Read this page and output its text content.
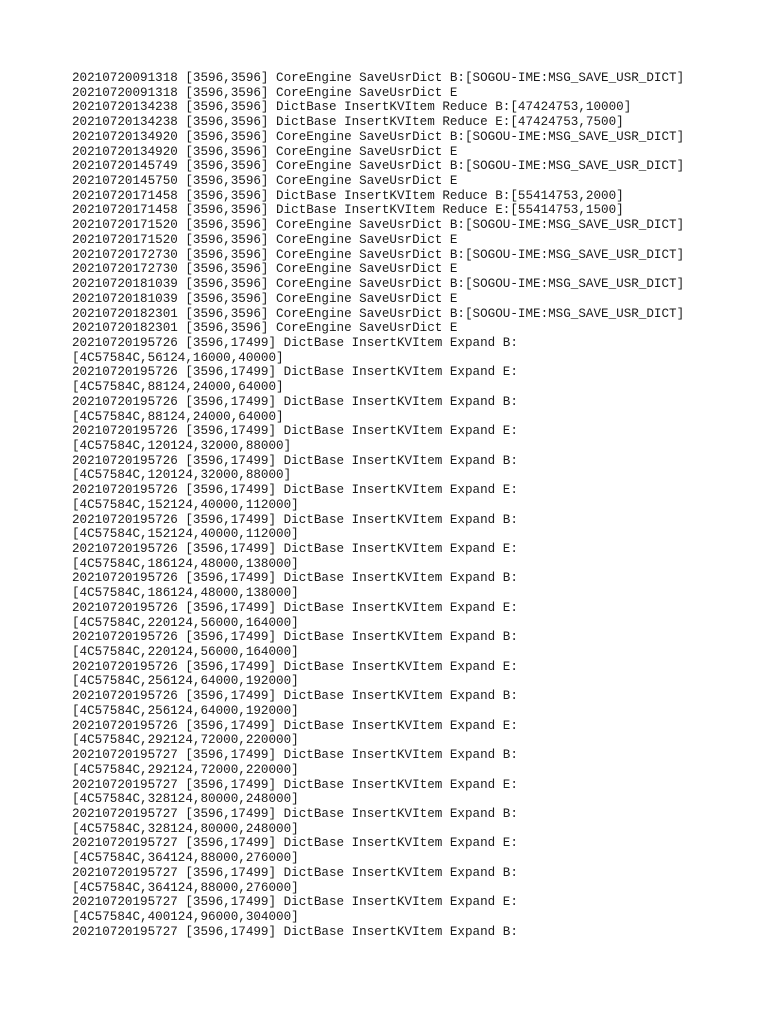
20210720091318 [3596,3596] CoreEngine SaveUsrDict B:[SOGOU-IME:MSG_SAVE_USR_DICT]
20210720091318 [3596,3596] CoreEngine SaveUsrDict E
20210720134238 [3596,3596] DictBase InsertKVItem Reduce B:[47424753,10000]
20210720134238 [3596,3596] DictBase InsertKVItem Reduce E:[47424753,7500]
20210720134920 [3596,3596] CoreEngine SaveUsrDict B:[SOGOU-IME:MSG_SAVE_USR_DICT]
20210720134920 [3596,3596] CoreEngine SaveUsrDict E
20210720145749 [3596,3596] CoreEngine SaveUsrDict B:[SOGOU-IME:MSG_SAVE_USR_DICT]
20210720145750 [3596,3596] CoreEngine SaveUsrDict E
20210720171458 [3596,3596] DictBase InsertKVItem Reduce B:[55414753,2000]
20210720171458 [3596,3596] DictBase InsertKVItem Reduce E:[55414753,1500]
20210720171520 [3596,3596] CoreEngine SaveUsrDict B:[SOGOU-IME:MSG_SAVE_USR_DICT]
20210720171520 [3596,3596] CoreEngine SaveUsrDict E
20210720172730 [3596,3596] CoreEngine SaveUsrDict B:[SOGOU-IME:MSG_SAVE_USR_DICT]
20210720172730 [3596,3596] CoreEngine SaveUsrDict E
20210720181039 [3596,3596] CoreEngine SaveUsrDict B:[SOGOU-IME:MSG_SAVE_USR_DICT]
20210720181039 [3596,3596] CoreEngine SaveUsrDict E
20210720182301 [3596,3596] CoreEngine SaveUsrDict B:[SOGOU-IME:MSG_SAVE_USR_DICT]
20210720182301 [3596,3596] CoreEngine SaveUsrDict E
20210720195726 [3596,17499] DictBase InsertKVItem Expand B:
[4C57584C,56124,16000,40000]
20210720195726 [3596,17499] DictBase InsertKVItem Expand E:
[4C57584C,88124,24000,64000]
20210720195726 [3596,17499] DictBase InsertKVItem Expand B:
[4C57584C,88124,24000,64000]
20210720195726 [3596,17499] DictBase InsertKVItem Expand E:
[4C57584C,120124,32000,88000]
20210720195726 [3596,17499] DictBase InsertKVItem Expand B:
[4C57584C,120124,32000,88000]
20210720195726 [3596,17499] DictBase InsertKVItem Expand E:
[4C57584C,152124,40000,112000]
20210720195726 [3596,17499] DictBase InsertKVItem Expand B:
[4C57584C,152124,40000,112000]
20210720195726 [3596,17499] DictBase InsertKVItem Expand E:
[4C57584C,186124,48000,138000]
20210720195726 [3596,17499] DictBase InsertKVItem Expand B:
[4C57584C,186124,48000,138000]
20210720195726 [3596,17499] DictBase InsertKVItem Expand E:
[4C57584C,220124,56000,164000]
20210720195726 [3596,17499] DictBase InsertKVItem Expand B:
[4C57584C,220124,56000,164000]
20210720195726 [3596,17499] DictBase InsertKVItem Expand E:
[4C57584C,256124,64000,192000]
20210720195726 [3596,17499] DictBase InsertKVItem Expand B:
[4C57584C,256124,64000,192000]
20210720195726 [3596,17499] DictBase InsertKVItem Expand E:
[4C57584C,292124,72000,220000]
20210720195727 [3596,17499] DictBase InsertKVItem Expand B:
[4C57584C,292124,72000,220000]
20210720195727 [3596,17499] DictBase InsertKVItem Expand E:
[4C57584C,328124,80000,248000]
20210720195727 [3596,17499] DictBase InsertKVItem Expand B:
[4C57584C,328124,80000,248000]
20210720195727 [3596,17499] DictBase InsertKVItem Expand E:
[4C57584C,364124,88000,276000]
20210720195727 [3596,17499] DictBase InsertKVItem Expand B:
[4C57584C,364124,88000,276000]
20210720195727 [3596,17499] DictBase InsertKVItem Expand E:
[4C57584C,400124,96000,304000]
20210720195727 [3596,17499] DictBase InsertKVItem Expand B:
